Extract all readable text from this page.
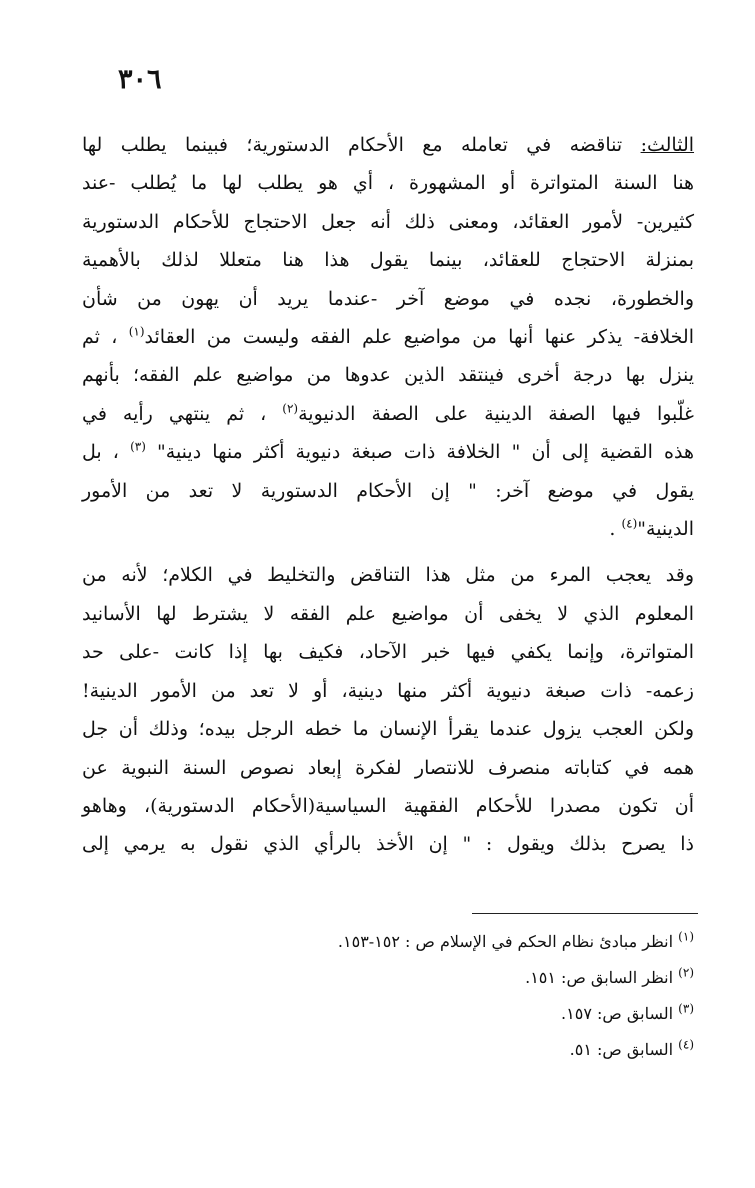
٣٠٦

الثالث: تناقضه في تعامله مع الأحكام الدستورية؛ فبينما يطلب لها
هنا السنة المتواترة أو المشهورة ، أي هو يطلب لها ما يُطلب -عند
كثيرين- لأمور العقائد، ومعنى ذلك أنه جعل الاحتجاج للأحكام الدستورية
بمنزلة الاحتجاج للعقائد، بينما يقول هذا هنا متعللا لذلك بالأهمية
والخطورة، نجده في موضع آخر -عندما يريد أن يهون من شأن
الخلافة- يذكر عنها أنها من مواضيع علم الفقه وليست من العقائد$^{(١)}$ ، ثم
ينزل بها درجة أخرى فينتقد الذين عدوها من مواضيع علم الفقه؛ بأنهم
غلّبوا فيها الصفة الدينية على الصفة الدنيوية$^{(٢)}$ ، ثم ينتهي رأيه في
هذه القضية إلى أن " الخلافة ذات صبغة دنيوية أكثر منها دينية" $^{(٣)}$ ، بل
يقول في موضع آخر: " إن الأحكام الدستورية لا تعد من الأمور
الدينية"$^{(٤)}$ .

وقد يعجب المرء من مثل هذا التناقض والتخليط في الكلام؛ لأنه من
المعلوم الذي لا يخفى أن مواضيع علم الفقه لا يشترط لها الأسانيد
المتواترة، وإنما يكفي فيها خبر الآحاد، فكيف بها إذا كانت -على حد
زعمه- ذات صبغة دنيوية أكثر منها دينية، أو لا تعد من الأمور الدينية!
ولكن العجب يزول عندما يقرأ الإنسان ما خطه الرجل بيده؛ وذلك أن جل
همه في كتاباته منصرف للانتصار لفكرة إبعاد نصوص السنة النبوية عن
أن تكون مصدرا للأحكام الفقهية السياسية(الأحكام الدستورية)، وهاهو
ذا يصرح بذلك ويقول : " إن الأخذ بالرأي الذي نقول به يرمي إلى

$^{(١)}$ انظر مبادئ نظام الحكم في الإسلام ص : ١٥٢-١٥٣.
$^{(٢)}$ انظر السابق ص: ١٥١.
$^{(٣)}$ السابق ص: ١٥٧.
$^{(٤)}$ السابق ص: ٥١.
